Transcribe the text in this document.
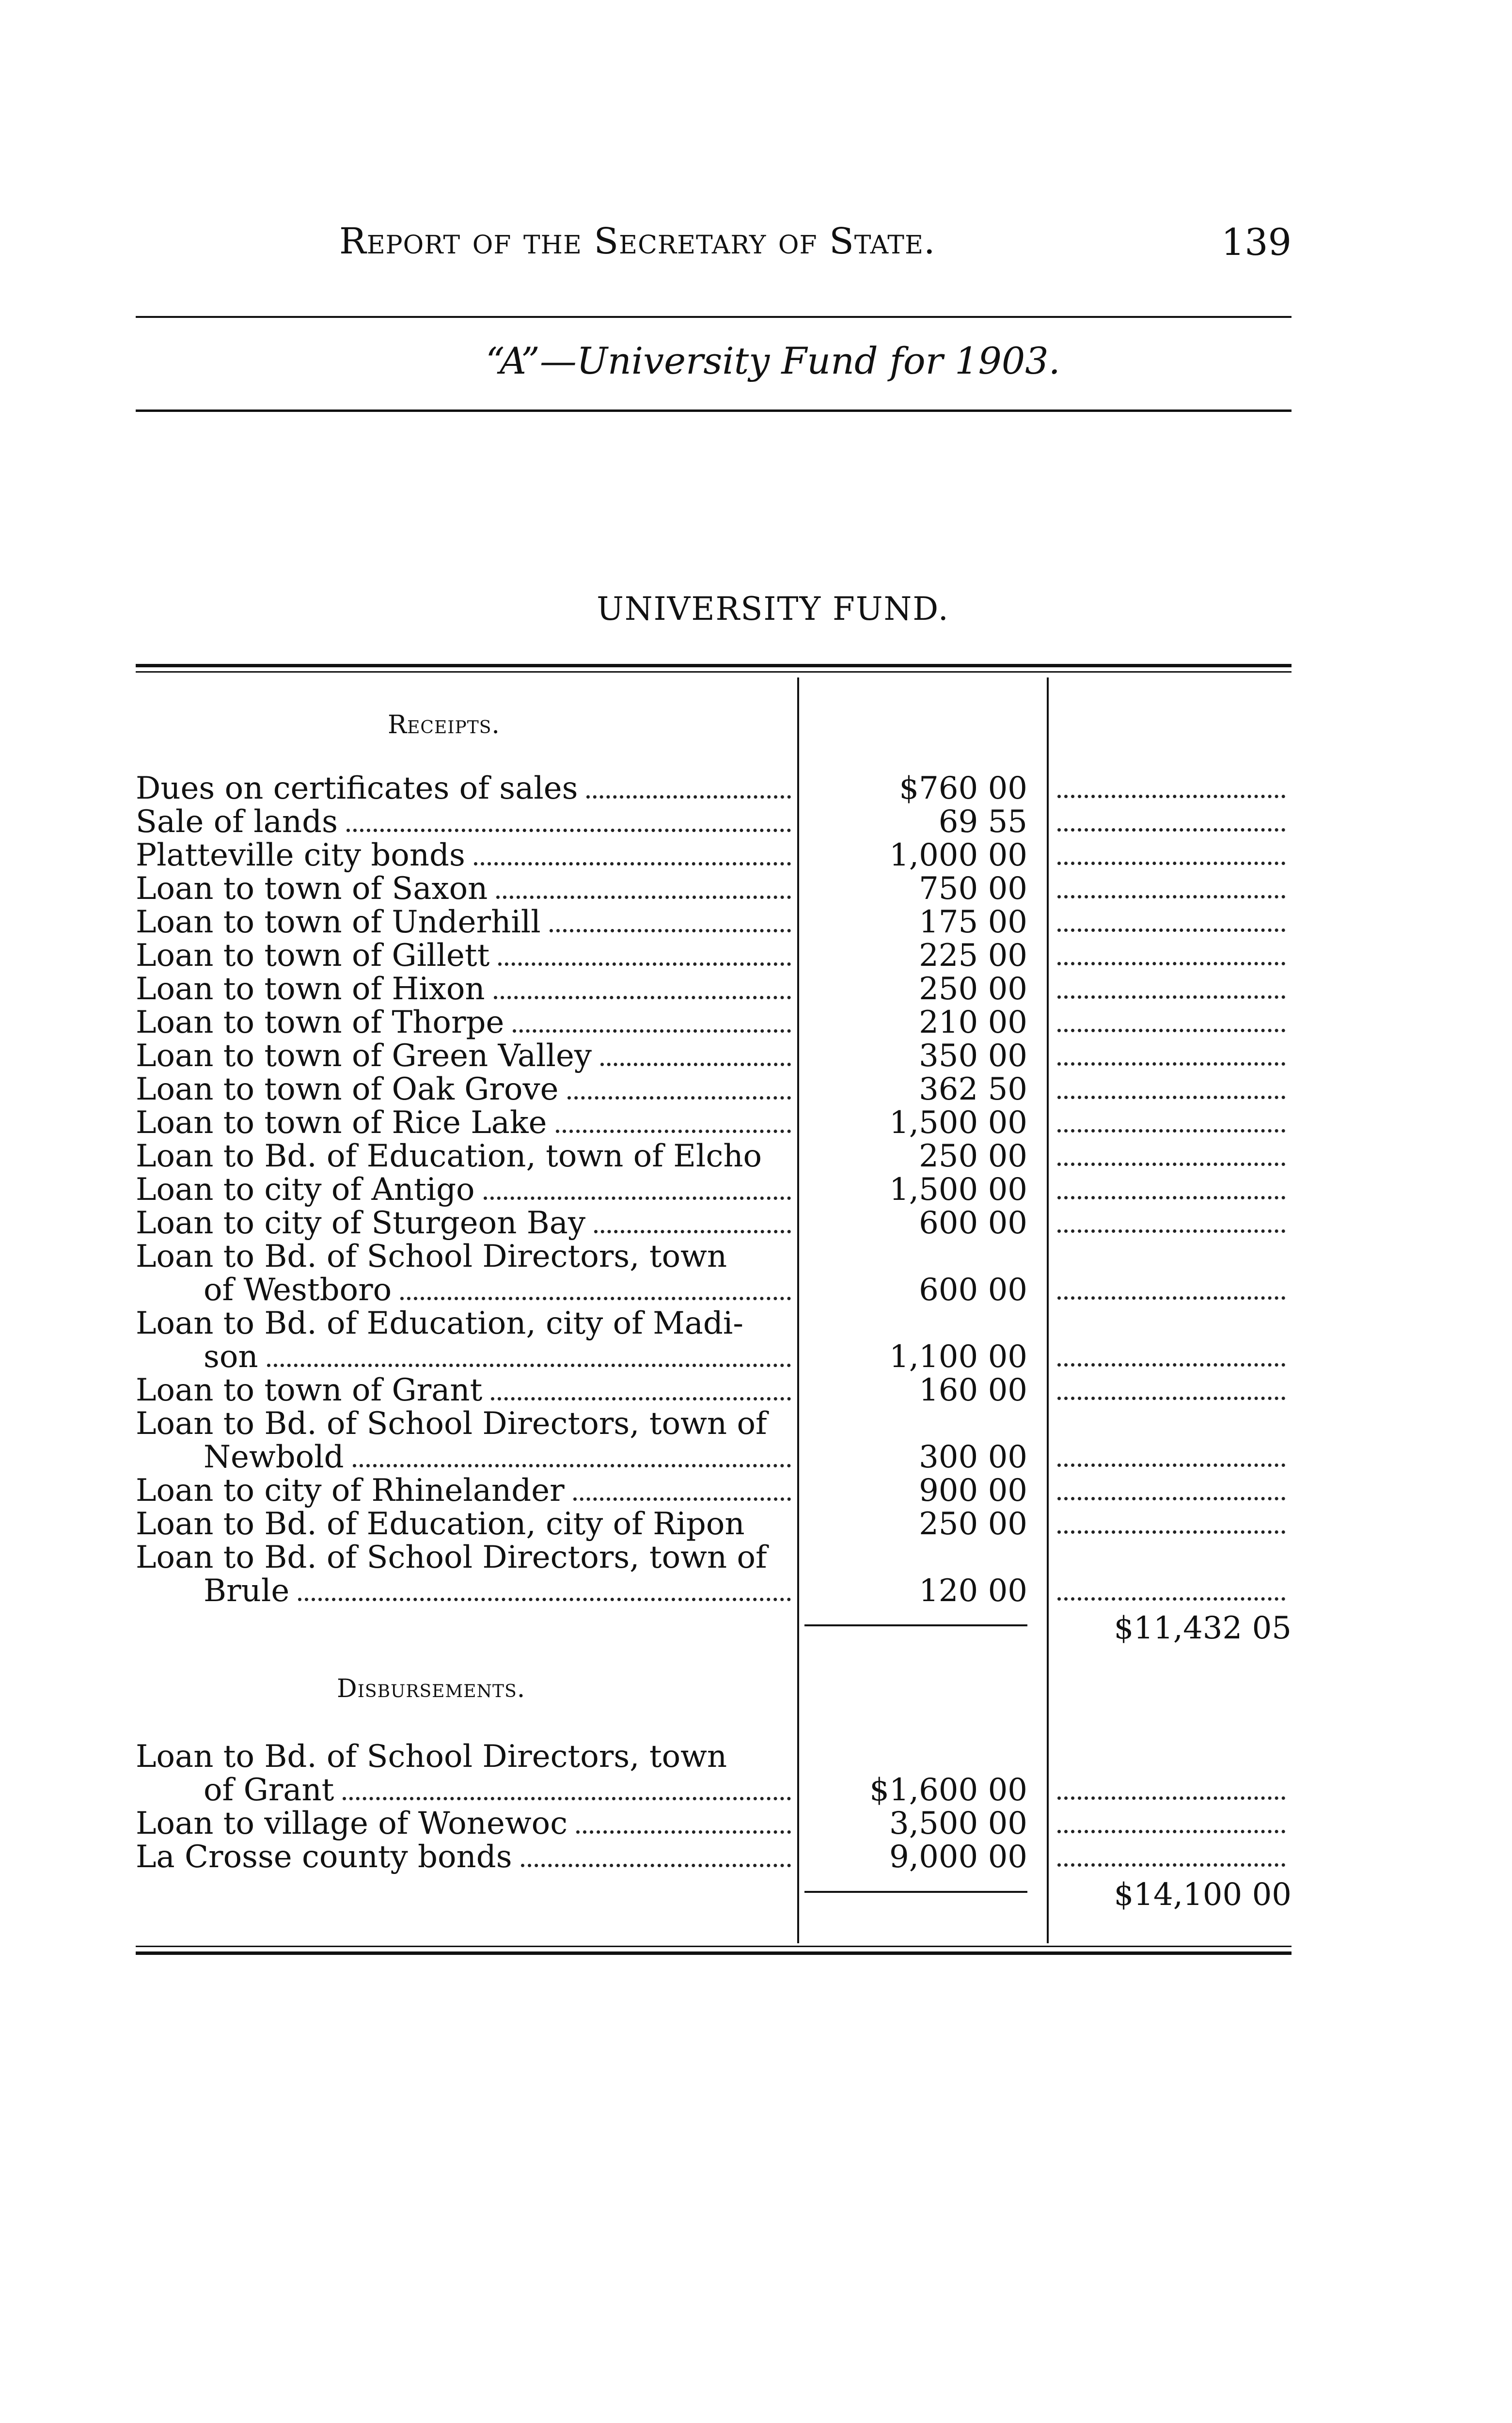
Report of the Secretary of State.	139
“A”—University Fund for 1903.
UNIVERSITY FUND.
Receipts.
Dues on certificates of sales	$760 00
Sale of lands	69 55
Platteville city bonds	1,000 00
Loan to town of Saxon	750 00
Loan to town of Underhill	175 00
Loan to town of Gillett	225 00
Loan to town of Hixon	250 00
Loan to town of Thorpe	210 00
Loan to town of Green Valley	350 00
Loan to town of Oak Grove	362 50
Loan to town of Rice Lake	1,500 00
Loan to Bd. of Education, town of Elcho	250 00
Loan to city of Antigo	1,500 00
Loan to city of Sturgeon Bay	600 00
Loan to Bd. of School Directors, town
of Westboro	600 00
Loan to Bd. of Education, city of Madi-
son	1,100 00
Loan to town of Grant	160 00
Loan to Bd. of School Directors, town of
Newbold	300 00
Loan to city of Rhinelander	900 00
Loan to Bd. of Education, city of Ripon	250 00
Loan to Bd. of School Directors, town of
Brule	120 00
$11,432 05
Disbursements.
Loan to Bd. of School Directors, town
of Grant	$1,600 00
Loan to village of Wonewoc	3,500 00
La Crosse county bonds	9,000 00
$14,100 00
